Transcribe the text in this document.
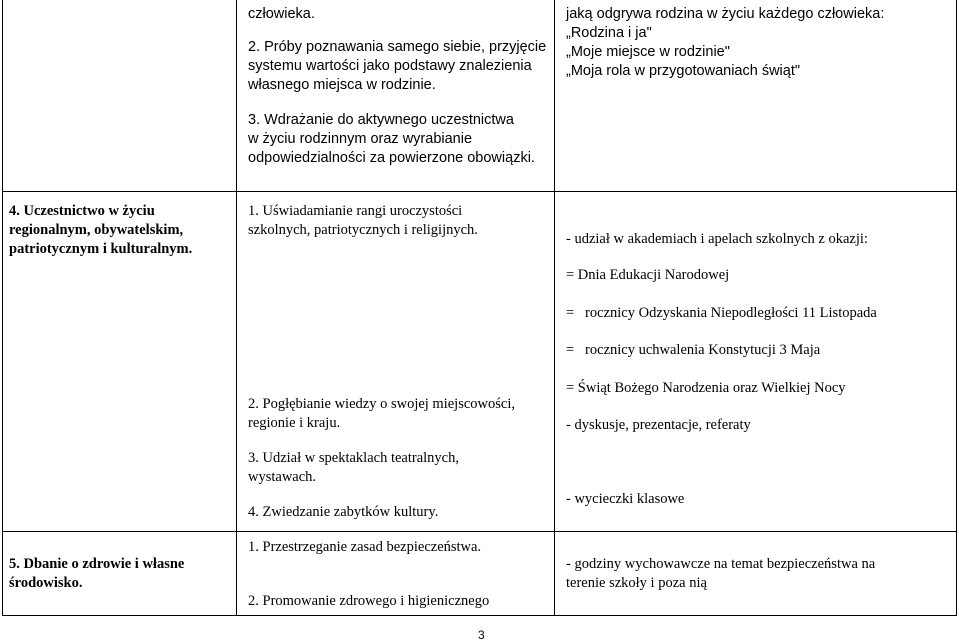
człowieka.

2. Próby poznawania samego siebie, przyjęcie

systemu wartości jako podstawy znalezienia

własnego miejsca w rodzinie.

3. Wdrażanie do aktywnego uczestnictwa

w życiu rodzinnym oraz wyrabianie

odpowiedzialności za powierzone obowiązki.

jaką odgrywa rodzina w życiu każdego człowieka:

„Rodzina i ja"

„Moje miejsce w rodzinie"

„Moja rola w przygotowaniach świąt"

4. Uczestnictwo w życiu

regionalnym, obywatelskim,

patriotycznym i kulturalnym.

1. Uświadamianie rangi uroczystości

szkolnych, patriotycznych i religijnych.

2. Pogłębianie wiedzy o swojej miejscowości,

regionie i kraju.

3. Udział w spektaklach teatralnych,

wystawach.

4. Zwiedzanie zabytków kultury.

- udział w akademiach i apelach szkolnych z okazji:

= Dnia Edukacji Narodowej

=   rocznicy Odzyskania Niepodległości 11 Listopada

=   rocznicy uchwalenia Konstytucji 3 Maja

= Świąt Bożego Narodzenia oraz Wielkiej Nocy

- dyskusje, prezentacje, referaty

- wycieczki klasowe

5. Dbanie o zdrowie i własne

środowisko.

1. Przestrzeganie zasad bezpieczeństwa.

2. Promowanie zdrowego i higienicznego

- godziny wychowawcze na temat bezpieczeństwa na

terenie szkoły i poza nią

3
